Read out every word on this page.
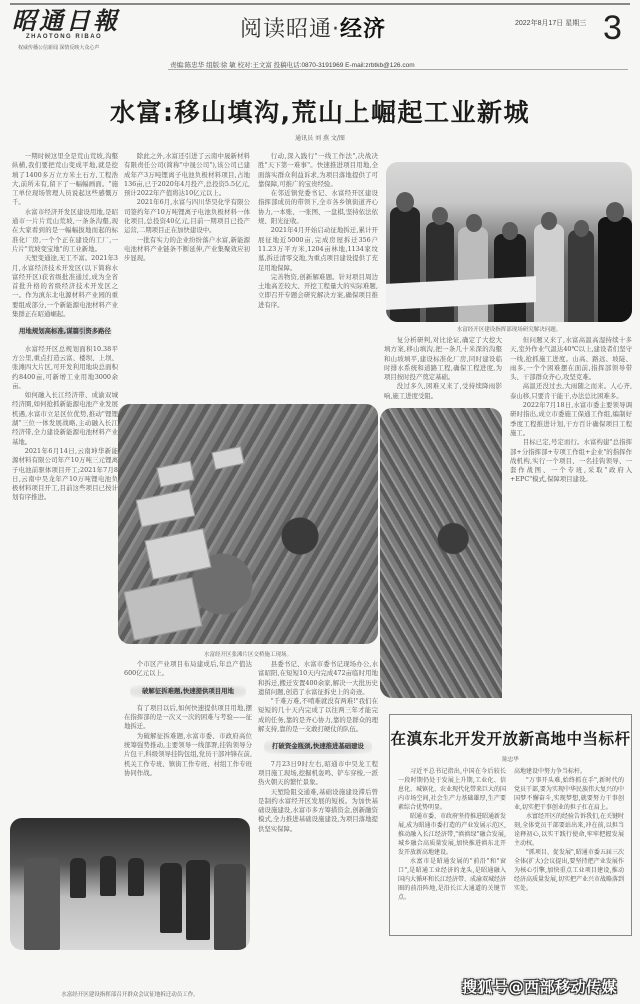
昭通日報
ZHAOTONG RIBAO
权威传播公信新闻 深情反映大众心声
阅读昭通·经济	2022年8月17日 星期三 3
责编:陈忠华 组版:徐 敏 校对:王文富 投稿电话:0870-3191969 E-mail:zrbtkb@126.com
水富:移山填沟,荒山上崛起工业新城
通讯员 刘 燕 文/图

一期时候这里全是荒山荒坡,沟壑纵横,我们要把荒山变成平地,就是挖填了1400多万立方米土石方,工程浩大,前所未有,留下了一幅幅画面。"施工单位现场管理人员说起这些感慨万千。

水富市经济开发区建设用地,是昭通市一片片荒山荒坡,一条条沟壑,现在大家看到的是一幅幅拔地而起的标准化厂房,一个个正在建设的工厂,一片片"荒坡变宝地"的工业新地。

天堑变通途,无工不富。2021年3月,水富经济技术开发区(以下简称水富经开区)获省级批准通过,成为全省首批升格的省级经济技术开发区之一。作为滇东北电源材料产业园的重要组成部分,一个新能源电池材料产业集群正在昭通崛起。

用地规划高标准,谋篇引资多路径

水富经开区总规划面积10.38平方公里,重点打造云富、楼坝、上坝、张滩四大片区,可开发利用地块总面积约8400亩,可新增工业用地3000余亩。

如何融入长江经济带、成渝双城经济圈,如何抢抓新能源电池产业发展机遇,水富市立足区位优势,推动"锂锂湖"三位一体发展战略,主动融入长江经济带,全力建设新能源电池材料产业基地。

2021年6月14日,云南坤华新能源材料有限公司年产10万吨三元锂离子电池前驱体项目开工;2021年7月8日,云南中昊龙年产10万吨锂电池负极材料项目开工,目前这些项目已按计划有序推进。

除此之外,水富还引进了云南中晟新材料有限责任公司(简称"中晟公司"),该公司已建成年产3万吨锂离子电池负极材料项目,占地136亩,已于2020年4月投产,总投资5.5亿元,预计2022年产值将达10亿元以上。

2021年6月,水富与四川华昊化学有限公司签约年产10万吨锂离子电池负极材料一体化项目,总投资40亿元,目前一期项目已投产运营,二期项目正在加快建设中。

一批有实力的企业纷纷落户水富,新能源电池材料产业链条不断延伸,产业集聚效应初步显现。

行动,深入践行"一线工作法",决战决胜"天下第一难事"。快速推进项目用地,全面落实群众利益诉求,为项目落地提供了可靠保障,可推广的宝贵经验。

在邻近镇党委书记、水富经开区建设指挥部成员的带领下,全市各乡镇街道齐心协力,一本账、一张图、一盘棋,坚持依法依规、阳光征收。

2021年4月开始启动征地拆迁,累计开展征地近5000亩,完成房屋拆迁356户11.23万平方米,1204亩林地,1134家坟墓,拆迁清零交地,为重点项目建设提供了充足用地保障。

完善物资,创新解难题。针对项目周边土地高差较大、开挖工程量大的实际难题,立即召开专题会研究解决方案,确保项目推进有序。

水富经开区建设指挥部现场研究解决问题。

复分析研判,对比论证,确定了大挖大填方案,移山填沟,把一条几十米深的沟壑和山坡填平,建设标准化厂房,同时建设临时排水系统和道路工程,确保工程进度,为项目按时投产奠定基础。

没过多久,困难又来了,受持续降雨影响,施工进度受阻。

但问题又来了,水富高温高湿持续十多天,室外作业气温达40℃以上,建设者们坚守一线,抢抓施工进度。山高、路远、坡陡、雨多,一个个困难摆在面前,指挥部领导带头、干部群众齐心,攻坚克难。

高温还没过去,大雨随之而来。人心齐,泰山移,只要肯干能干,办法总比困难多。

2022年7月18日,水富市委主要领导调研时指出,成立市委施工保通工作组,编制好季度工程推进计划,干方百计确保项目工程施工。

目标已定,号定而行。水富构建"总指挥部+分指挥部+专项工作组+企业"的指挥作战机构,实行一个项目、一名挂钩领导、一套作战图、一个专班,采取"政府入+EPC"模式,保障项目建设。

水富经开区张滩片区交桥施工现场。

个市区产业项目布局建成后,年总产值达600亿元以上。

破解征拆难题,快速提供项目用地

有了项目以后,如何快速提供项目用地,摆在指挥部的是一次又一次的困难与考验——征地拆迁。

为破解征拆难题,水富市委、市政府高位统筹强势推动,主要领导一线部署,挂钩领导分片包干,科级领导挂钩包组,党员干部冲锋在前,机关工作专班、镇街工作专班、村组工作专班协同作战。

县委书记、水富市委书记现场办公,水富昭阳,在短短10天内完成472亩临时用地和拆迁,搬迁安置400余家,解决一大批历史遗留问题,创造了水富征拆史上的奇迹。

"千难万难,不啃难就没有两难!"我们在短短的几十天内完成了以往两三年才能完成的任务,靠的是齐心协力,靠的是群众的理解支持,靠的是一支敢打硬仗的队伍。

打破资金瓶颈,快速推进基础建设

7月23日9时左右,昭通市中昊龙工程项目施工现场,挖掘机轰鸣、铲车穿梭,一派热火朝天的繁忙景象。

天堑险阻交通难,基础设施建设滞后曾是制约水富经开区发展的短板。为加快基础设施建设,水富市多方筹措资金,创新融资模式,全力推进基础设施建设,为项目落地提供坚实保障。

水富经开区建设指挥部召开群众会议征地拆迁动员工作。
在滇东北开发开放新高地中当标杆
陈忠华

习近平总书记指出,中国在今后较长一段时期仍处于发展上升期,工业化、信息化、城镇化、农业现代化带来巨大的国内市场空间,社会生产力基础雄厚,生产要素综合优势明显。

昭通市委、市政府坚持推进昭通新发展,成为昭通市委打造的产业发展示范区,推动融入长江经济带,"滇滇绿"融合发展,城乡融合高质量发展,加快推进滇东北开发开放新高地建设。

水富市是昭通发展的"前沿"和"窗口",是昭通工业经济的龙头,是昭通融入国内大循环和长江经济带、成渝双城经济圈的前沿阵地,是沿长江大通道的关键节点。

高地建设中努力争当标杆。

"万事开头难,始终抓在手",新时代的党员干部,要为实现中华民族伟大复兴的中国梦不懈奋斗,实现梦想,就要努力干事创业,切实把干事创业的担子扛在肩上。

水富经开区的经验告诉我们,在关键时刻,全体党员干部要站出来,冲在前,以担当诠释初心,以实干践行使命,牢牢把握发展主动权。

"抓项目、促发展",昭通市委五届三次全体(扩大)会议提出,要坚持把产业发展作为核心引擎,加快重点工业项目建设,推动经济高质量发展,切实把产业兴市战略落到实处。

搜狐号@西部移动传媒
